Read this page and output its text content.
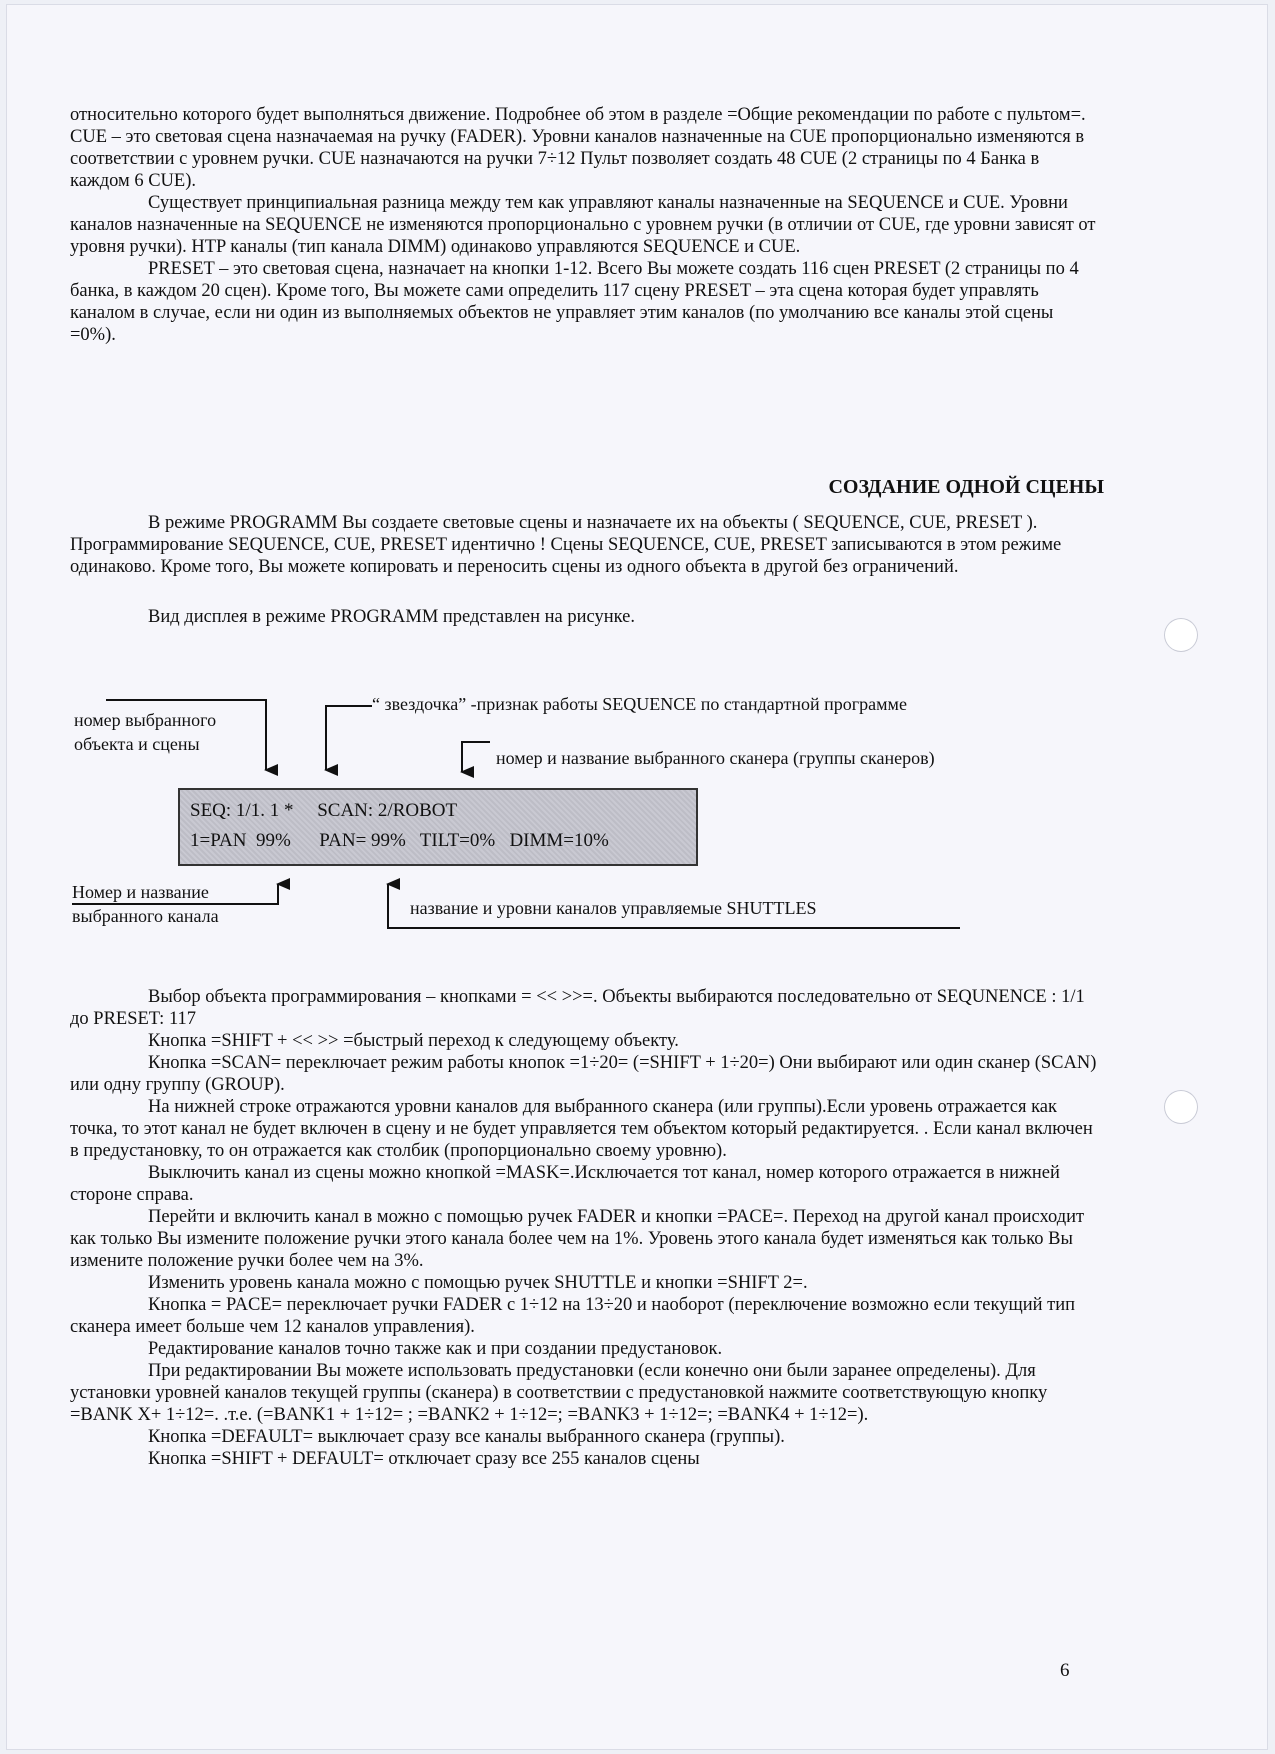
относительно которого будет выполняться движение. Подробнее об этом в разделе =Общие рекомендации по работе с пультом=.

CUE – это световая сцена назначаемая на ручку (FADER). Уровни каналов назначенные на CUE пропорционально изменяются в соответствии с уровнем ручки. CUE назначаются на ручки 7÷12 Пульт позволяет создать 48 CUE (2 страницы по 4 Банка в каждом 6 CUE).

Существует принципиальная разница между тем как управляют каналы назначенные на SEQUENCE и CUE. Уровни каналов назначенные на SEQUENCE не изменяются пропорционально с уровнем ручки (в отличии от CUE, где уровни зависят от уровня ручки). HTP каналы (тип канала DIMM) одинаково управляются SEQUENCE и CUE.

PRESET – это световая сцена, назначает на кнопки 1-12. Всего Вы можете создать 116 сцен PRESET (2 страницы по 4 банка, в каждом 20 сцен). Кроме того, Вы можете сами определить 117 сцену PRESET – эта сцена которая будет управлять каналом в случае, если ни один из выполняемых объектов не управляет этим каналов (по умолчанию все каналы этой сцены =0%).

СОЗДАНИЕ ОДНОЙ СЦЕНЫ

В режиме PROGRAMM Вы создаете световые сцены и назначаете их на объекты ( SEQUENCE, CUE, PRESET ). Программирование SEQUENCE, CUE, PRESET идентично ! Сцены SEQUENCE, CUE, PRESET записываются в этом режиме одинаково. Кроме того, Вы можете копировать и переносить сцены из одного объекта в другой без ограничений.

Вид дисплея в режиме PROGRAMM представлен на рисунке.

номер выбранного
объекта и сцены
“ звездочка” -признак работы SEQUENCE по стандартной программе
номер и название выбранного сканера (группы сканеров)
SEQ: 1/1. 1 *     SCAN: 2/ROBOT
1=PAN  99%      PAN= 99%   TILT=0%   DIMM=10%
Номер и название
выбранного канала	название и уровни каналов управляемые SHUTTLES

Выбор объекта программирования – кнопками = << >>=. Объекты выбираются последовательно от SEQUNENCE : 1/1 до PRESET: 117

Кнопка =SHIFT + << >> =быстрый переход к следующему объекту.

Кнопка =SCAN= переключает режим работы кнопок =1÷20= (=SHIFT + 1÷20=) Они выбирают или один сканер (SCAN) или одну группу (GROUP).

На нижней строке отражаются уровни каналов для выбранного сканера (или группы).Если уровень отражается как точка, то этот канал не будет включен в сцену и не будет управляется тем объектом который редактируется. . Если канал включен в предустановку, то он отражается как столбик (пропорционально своему уровню).

Выключить канал из сцены можно кнопкой =MASK=.Исключается тот канал, номер которого отражается в нижней стороне справа.

Перейти и включить канал в можно с помощью ручек FADER и кнопки =PACE=. Переход на другой канал происходит как только Вы измените положение ручки этого канала более чем на 1%. Уровень этого канала будет изменяться как только Вы измените положение ручки более чем на 3%.

Изменить уровень канала можно с помощью ручек SHUTTLE и кнопки =SHIFT 2=.

Кнопка = PACE= переключает ручки FADER с 1÷12 на 13÷20 и наоборот (переключение возможно если текущий тип сканера имеет больше чем 12 каналов управления).

Редактирование каналов точно также как и при создании предустановок.

При редактировании Вы можете использовать предустановки (если конечно они были заранее определены). Для установки уровней каналов текущей группы (сканера) в соответствии с предустановкой нажмите соответствующую кнопку =BANK X+ 1÷12=. .т.е. (=BANK1 + 1÷12= ; =BANK2 + 1÷12=; =BANK3 + 1÷12=; =BANK4 + 1÷12=).

Кнопка =DEFAULT= выключает сразу все каналы выбранного сканера (группы).

Кнопка =SHIFT + DEFAULT= отключает сразу все 255 каналов сцены

6
